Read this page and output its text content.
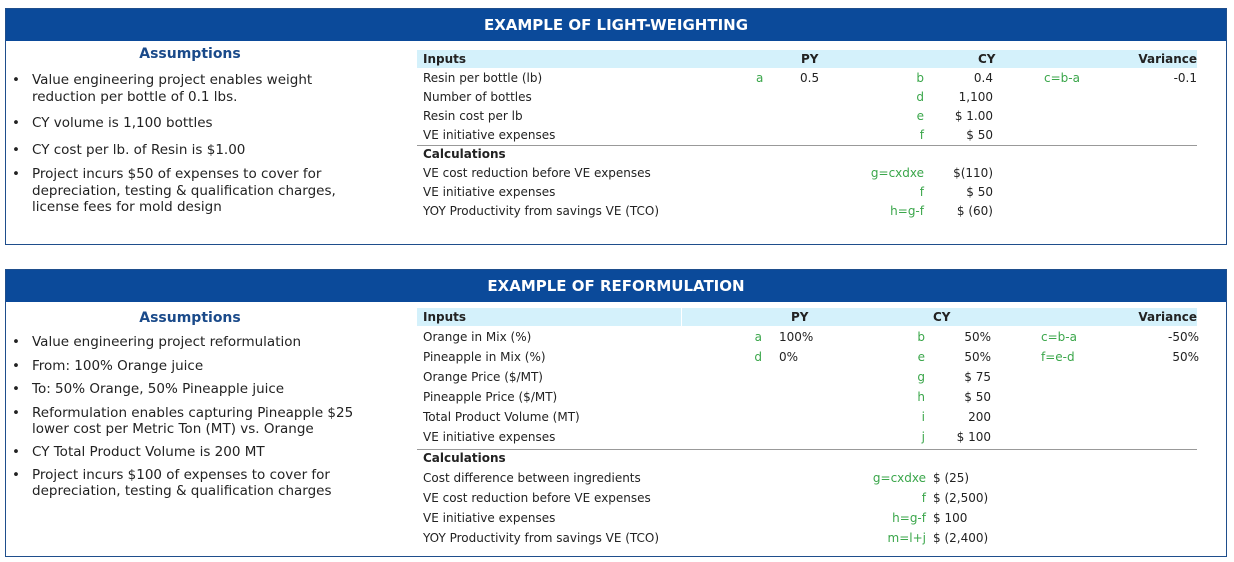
EXAMPLE OF LIGHT-WEIGHTING
Assumptions
• Value engineering project enables weight reduction per bottle of 0.1 lbs.
• CY volume is 1,100 bottles
• CY cost per lb. of Resin is $1.00
• Project incurs $50 of expenses to cover for depreciation, testing & qualification charges, license fees for mold design
Inputs	PY	CY	Variance
Resin per bottle (lb)	a	0.5	b	0.4	c=b-a	-0.1
Number of bottles	d	1,100
Resin cost per lb	e	$ 1.00
VE initiative expenses	f	$ 50
Calculations
VE cost reduction before VE expenses	g=cxdxe $(110)
VE initiative expenses	f	$ 50
YOY Productivity from savings VE (TCO)	h=g-f	$ (60)
EXAMPLE OF REFORMULATION
Assumptions
• Value engineering project reformulation
• From: 100% Orange juice
• To: 50% Orange, 50% Pineapple juice
• Reformulation enables capturing Pineapple $25 lower cost per Metric Ton (MT) vs. Orange
• CY Total Product Volume is 200 MT
• Project incurs $100 of expenses to cover for depreciation, testing & qualification charges
Inputs	PY	CY	Variance
Orange in Mix (%)	a 100%	b	50%	c=b-a	-50%
Pineapple in Mix (%)	d 0%	e	50%	f=e-d	50%
Orange Price ($/MT)	g	$ 75
Pineapple Price ($/MT)	h	$ 50
Total Product Volume (MT)	i	200
VE initiative expenses	j	$ 100
Calculations
Cost difference between ingredients	g=cxdxe $ (25)
VE cost reduction before VE expenses	f $ (2,500)
VE initiative expenses	h=g-f $ 100
YOY Productivity from savings VE (TCO)	m=l+j $ (2,400)
